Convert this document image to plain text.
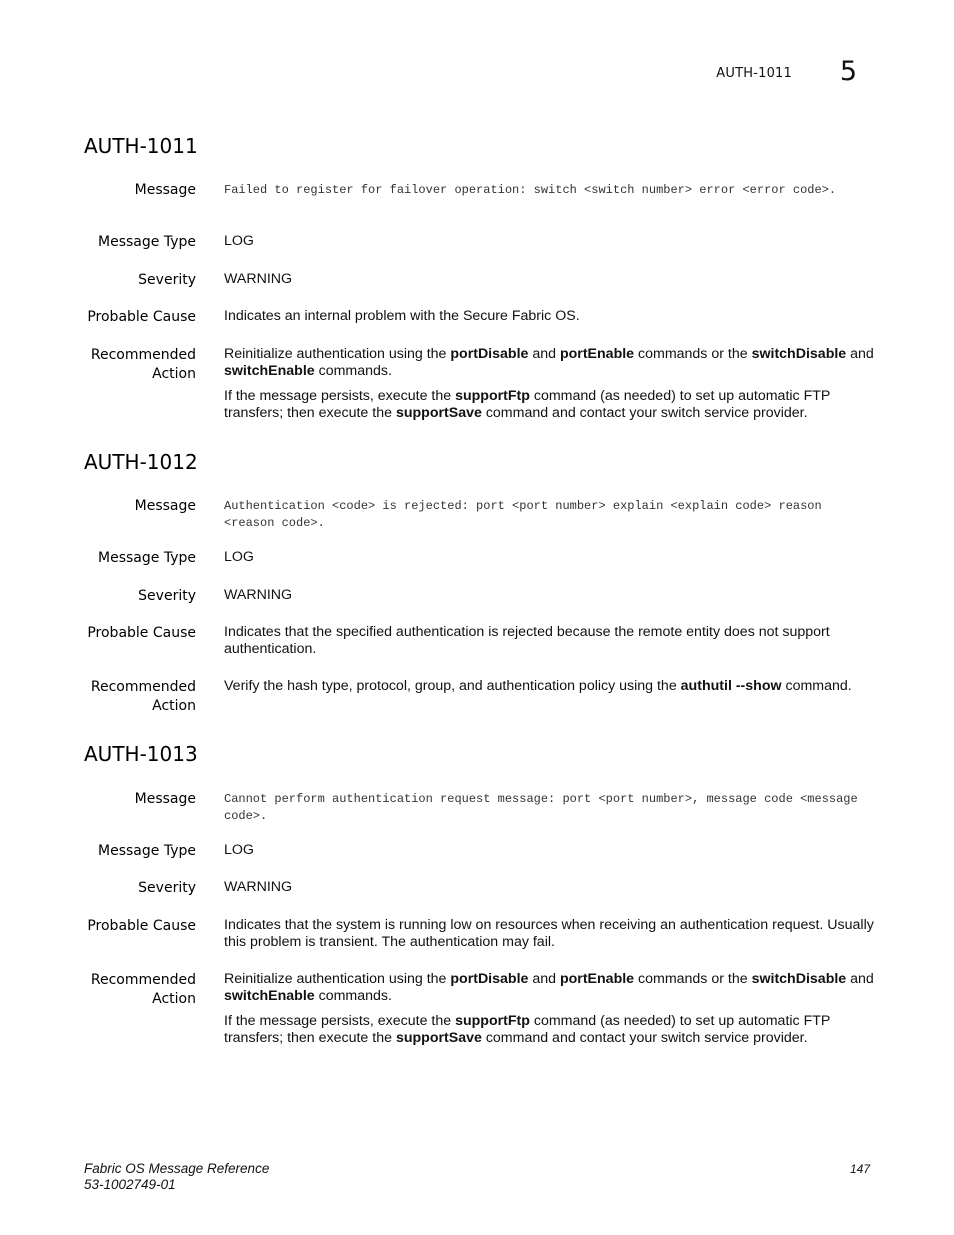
AUTH-1011 5
AUTH-1011
Message Failed to register for failover operation: switch <switch number> error <error code>.
Message Type LOG
Severity WARNING
Probable Cause Indicates an internal problem with the Secure Fabric OS.
Recommended
Action

Reinitialize authentication using the portDisable and portEnable commands or the switchDisable and switchEnable commands.

If the message persists, execute the supportFtp command (as needed) to set up automatic FTP transfers; then execute the supportSave command and contact your switch service provider.

AUTH-1012
Message Authentication <code> is rejected: port <port number> explain <explain code> reason <reason code>.
Message Type LOG
Severity WARNING
Probable Cause Indicates that the specified authentication is rejected because the remote entity does not support authentication.
Recommended
Action

Verify the hash type, protocol, group, and authentication policy using the authutil --show command.

AUTH-1013
Message Cannot perform authentication request message: port <port number>, message code <message code>.
Message Type LOG
Severity WARNING
Probable Cause Indicates that the system is running low on resources when receiving an authentication request. Usually this problem is transient. The authentication may fail.
Recommended
Action

Reinitialize authentication using the portDisable and portEnable commands or the switchDisable and switchEnable commands.

If the message persists, execute the supportFtp command (as needed) to set up automatic FTP transfers; then execute the supportSave command and contact your switch service provider.

Fabric OS Message Reference
53-1002749-01
147
